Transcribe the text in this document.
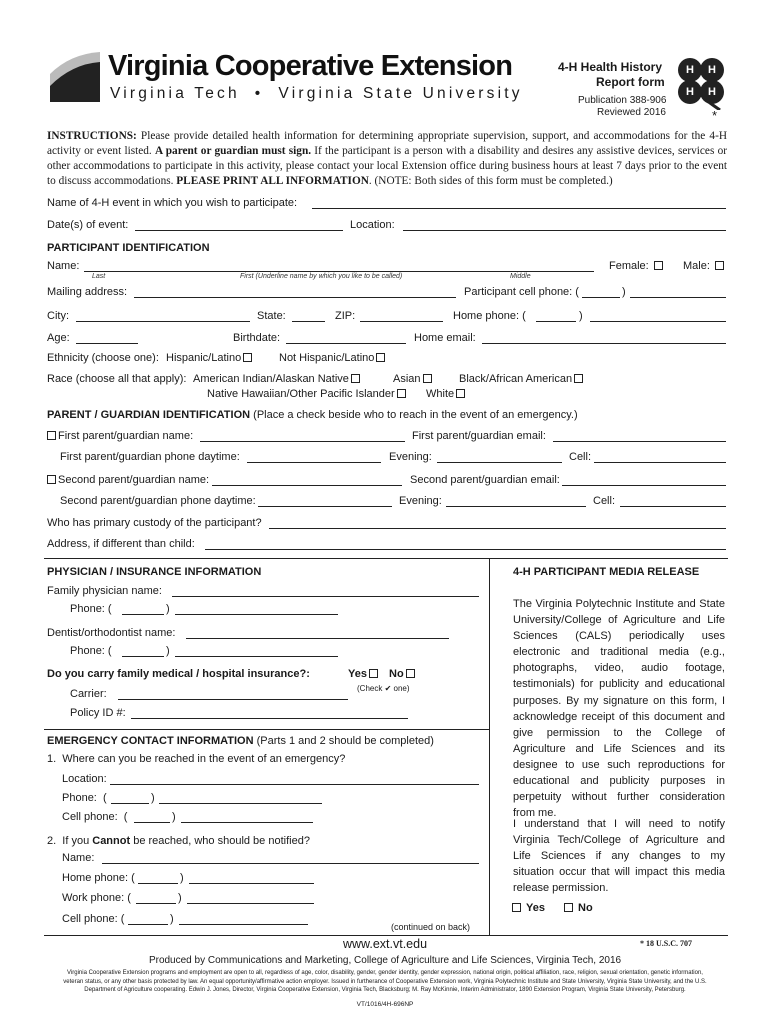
Virginia Cooperative Extension
Virginia Tech  •  Virginia State University
4-H Health History
Report form
Publication 388-906
Reviewed 2016
H H
H H
*
INSTRUCTIONS: Please provide detailed health information for determining appropriate supervision, support, and accommodations for the 4-H activity or event listed. A parent or guardian must sign. If the participant is a person with a disability and desires any assistive devices, services or other accommodations to participate in this activity, please contact your local Extension office during business hours at least 7 days prior to the event to discuss accommodations. PLEASE PRINT ALL INFORMATION. (NOTE: Both sides of this form must be completed.)
Name of 4-H event in which you wish to participate:
Date(s) of event:	Location:
PARTICIPANT IDENTIFICATION
Name:
Last	First (Underline name by which you like to be called)	Middle
Female:	Male:
Mailing address:	Participant cell phone: (	)
City:	State:	ZIP:	Home phone: (	)
Age:	Birthdate:	Home email:
Ethnicity (choose one): Hispanic/Latino	Not Hispanic/Latino
Race (choose all that apply): American Indian/Alaskan Native	Asian	Black/African American
Native Hawaiian/Other Pacific Islander	White
PARENT / GUARDIAN IDENTIFICATION (Place a check beside who to reach in the event of an emergency.)
First parent/guardian name:	First parent/guardian email:
First parent/guardian phone daytime:	Evening:	Cell:
Second parent/guardian name:	Second parent/guardian email:
Second parent/guardian phone daytime:	Evening:	Cell:
Who has primary custody of the participant?
Address, if different than child:
PHYSICIAN / INSURANCE INFORMATION
Family physician name:
Phone: (	)
Dentist/orthodontist name:
Phone: (	)
Do you carry family medical / hospital insurance?:	Yes	No
(Check ✔ one)
Carrier:
Policy ID #:
EMERGENCY CONTACT INFORMATION (Parts 1 and 2 should be completed)
1.  Where can you be reached in the event of an emergency?
Location:
Phone:  (	)
Cell phone:  (	)
2.  If you Cannot be reached, who should be notified?
Name:
Home phone: (	)
Work phone: (	)
Cell phone: (	)
(continued on back)
4-H PARTICIPANT MEDIA RELEASE
The Virginia Polytechnic Institute and State University/College of Agriculture and Life Sciences (CALS) periodically uses electronic and traditional media (e.g., photographs, video, audio footage, testimonials) for publicity and educational purposes. By my signature on this form, I acknowledge receipt of this document and give permission to the College of Agriculture and Life Sciences and its designee to use such reproductions for educational and publicity purposes in perpetuity without further consideration from me.
I understand that I will need to notify Virginia Tech/College of Agriculture and Life Sciences if any changes to my situation occur that will impact this media release permission.
Yes	No
www.ext.vt.edu	* 18 U.S.C. 707
Produced by Communications and Marketing, College of Agriculture and Life Sciences, Virginia Tech, 2016
Virginia Cooperative Extension programs and employment are open to all, regardless of age, color, disability, gender, gender identity, gender expression, national origin, political affiliation, race, religion, sexual orientation, genetic information,
veteran status, or any other basis protected by law. An equal opportunity/affirmative action employer. Issued in furtherance of Cooperative Extension work, Virginia Polytechnic Institute and State University, Virginia State University, and the U.S.
Department of Agriculture cooperating. Edwin J. Jones, Director, Virginia Cooperative Extension, Virginia Tech, Blacksburg; M. Ray McKinnie, Interim Administrator, 1890 Extension Program, Virginia State University, Petersburg.
VT/1016/4H-696NP
